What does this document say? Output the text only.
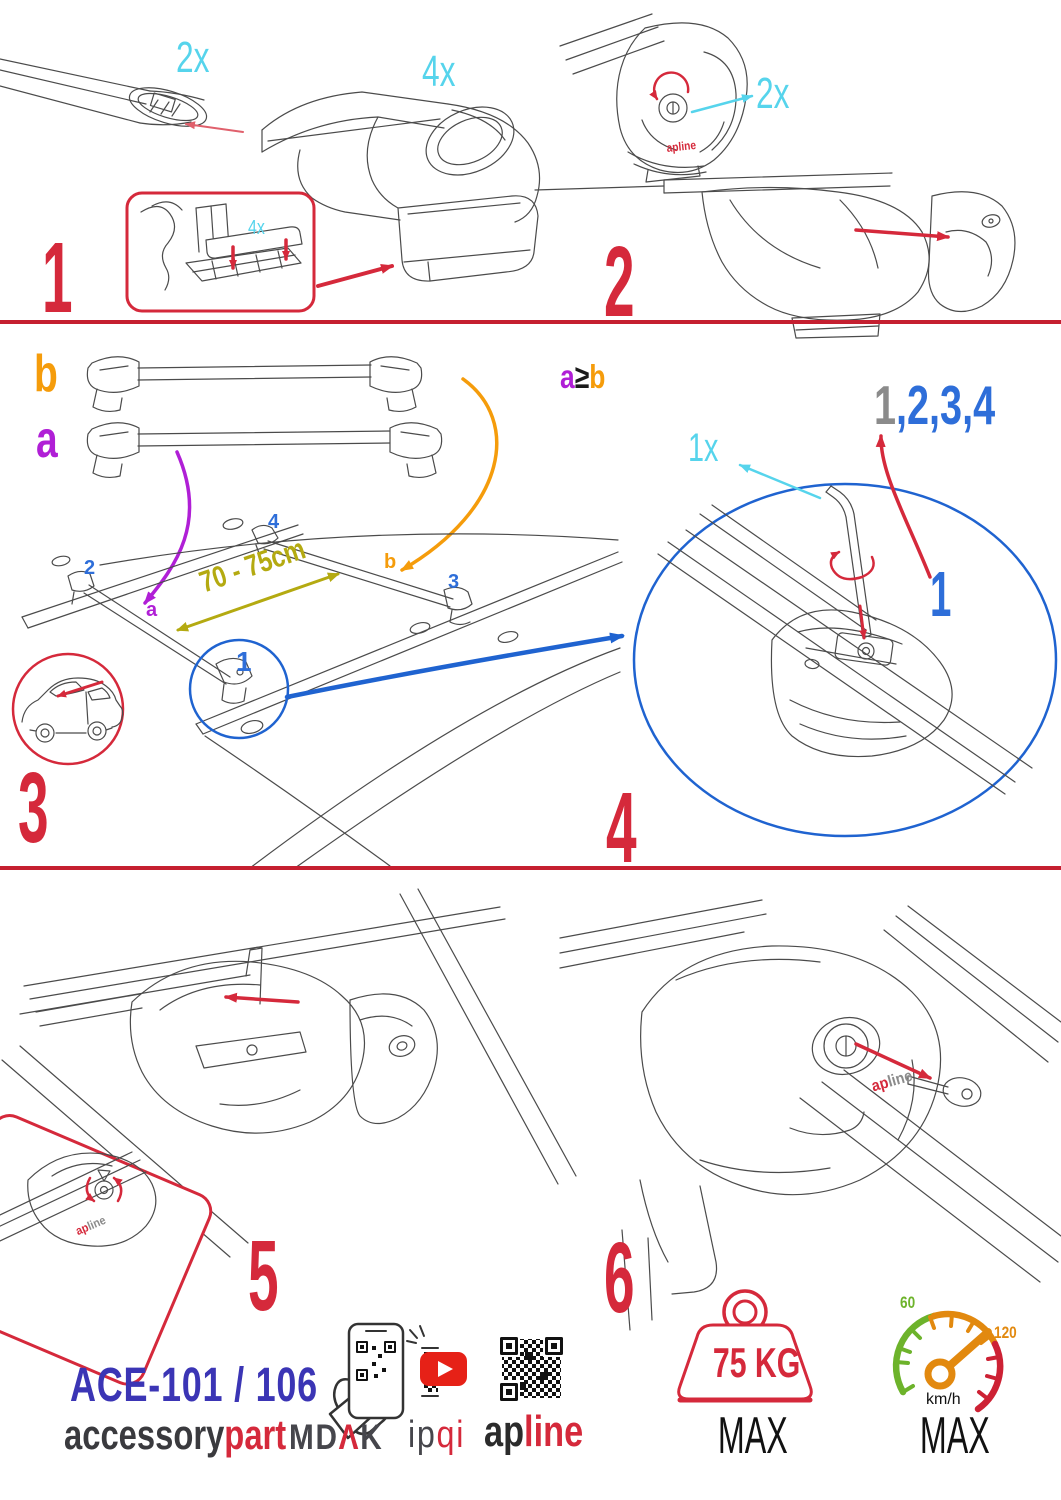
1	2
3	4
5	6
2x	4x
4x
2x
1x
b
a
2
4
b
3
a
1
70 - 75cm
a≥b	1,2,3,4
1
apline
apline
apline
ACE-101 / 106
accessorypart MDΛK ipqi apline
75 KG
MAX
60
120
km/h
MAX
